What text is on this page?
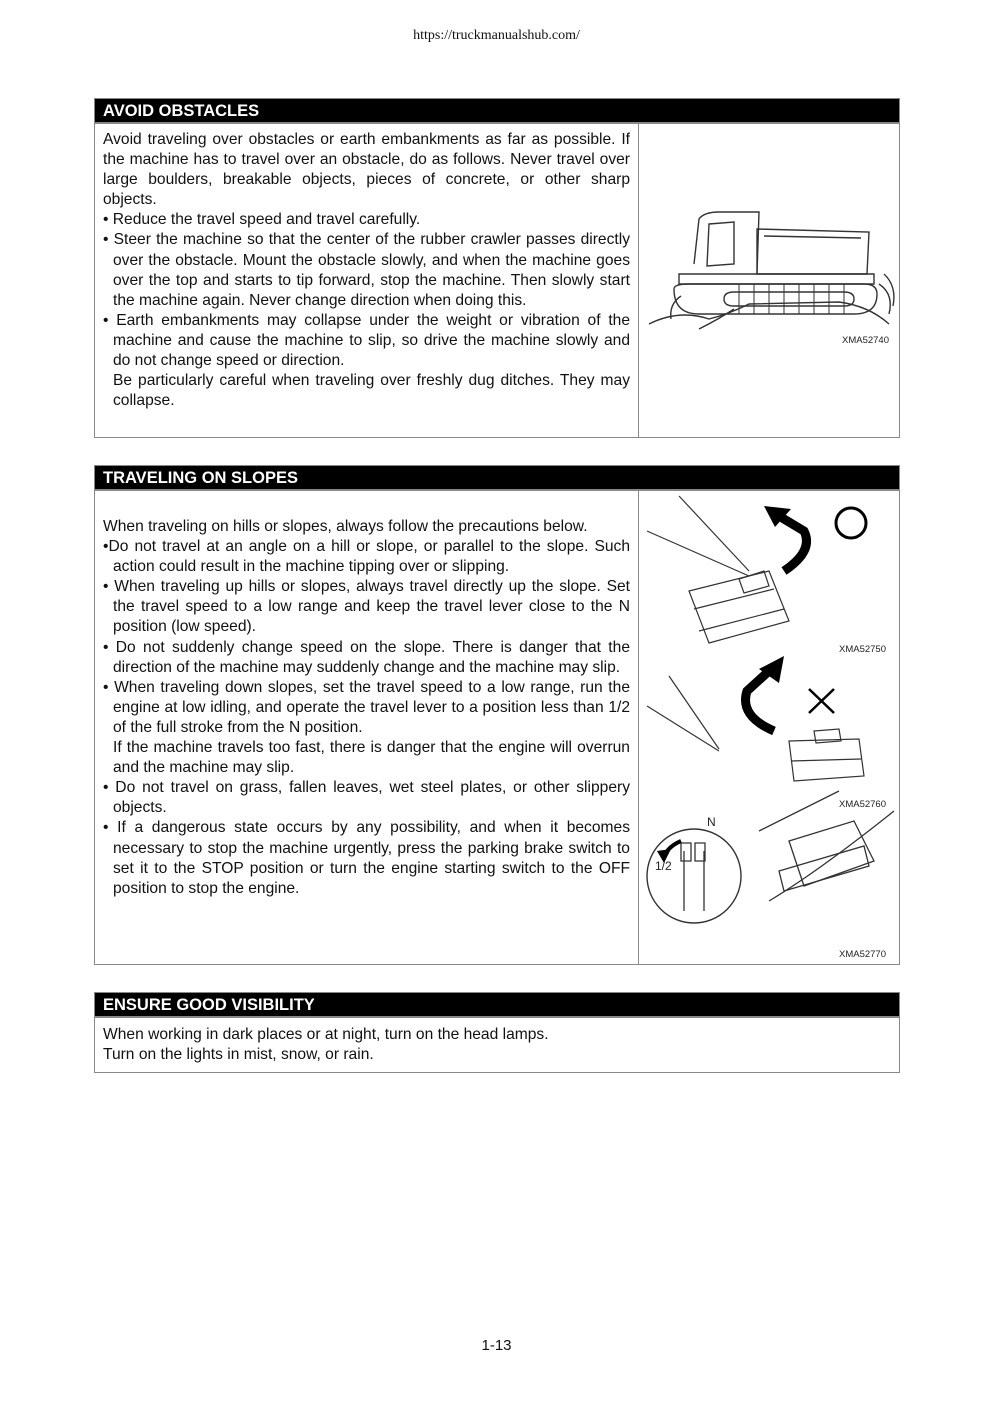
https://truckmanualshub.com/
AVOID OBSTACLES

Avoid traveling over obstacles or earth embankments as far as possible. If the machine has to travel over an obstacle, do as follows. Never travel over large boulders, breakable objects, pieces of concrete, or other sharp objects.

• Reduce the travel speed and travel carefully.

• Steer the machine so that the center of the rubber crawler passes directly over the obstacle. Mount the obstacle slowly, and when the machine goes over the top and starts to tip forward, stop the machine. Then slowly start the machine again. Never change direction when doing this.

• Earth embankments may collapse under the weight or vibration of the machine and cause the machine to slip, so drive the machine slowly and do not change speed or direction.

Be particularly careful when traveling over freshly dug ditches. They may collapse.

XMA52740
TRAVELING ON SLOPES

When traveling on hills or slopes, always follow the precautions below.

•Do not travel at an angle on a hill or slope, or parallel to the slope. Such action could result in the machine tipping over or slipping.

• When traveling up hills or slopes, always travel directly up the slope. Set the travel speed to a low range and keep the travel lever close to the N position (low speed).

• Do not suddenly change speed on the slope. There is danger that the direction of the machine may suddenly change and the machine may slip.

• When traveling down slopes, set the travel speed to a low range, run the engine at low idling, and operate the travel lever to a position less than 1/2 of the full stroke from the N position.

If the machine travels too fast, there is danger that the engine will overrun and the machine may slip.

• Do not travel on grass, fallen leaves, wet steel plates, or other slippery objects.

• If a dangerous state occurs by any possibility, and when it becomes necessary to stop the machine urgently, press the parking brake switch to set it to the STOP position or turn the engine starting switch to the OFF position to stop the engine.

N
1/2
XMA52750
XMA52760
XMA52770
ENSURE GOOD VISIBILITY

When working in dark places or at night, turn on the head lamps.

Turn on the lights in mist, snow, or rain.

1-13
